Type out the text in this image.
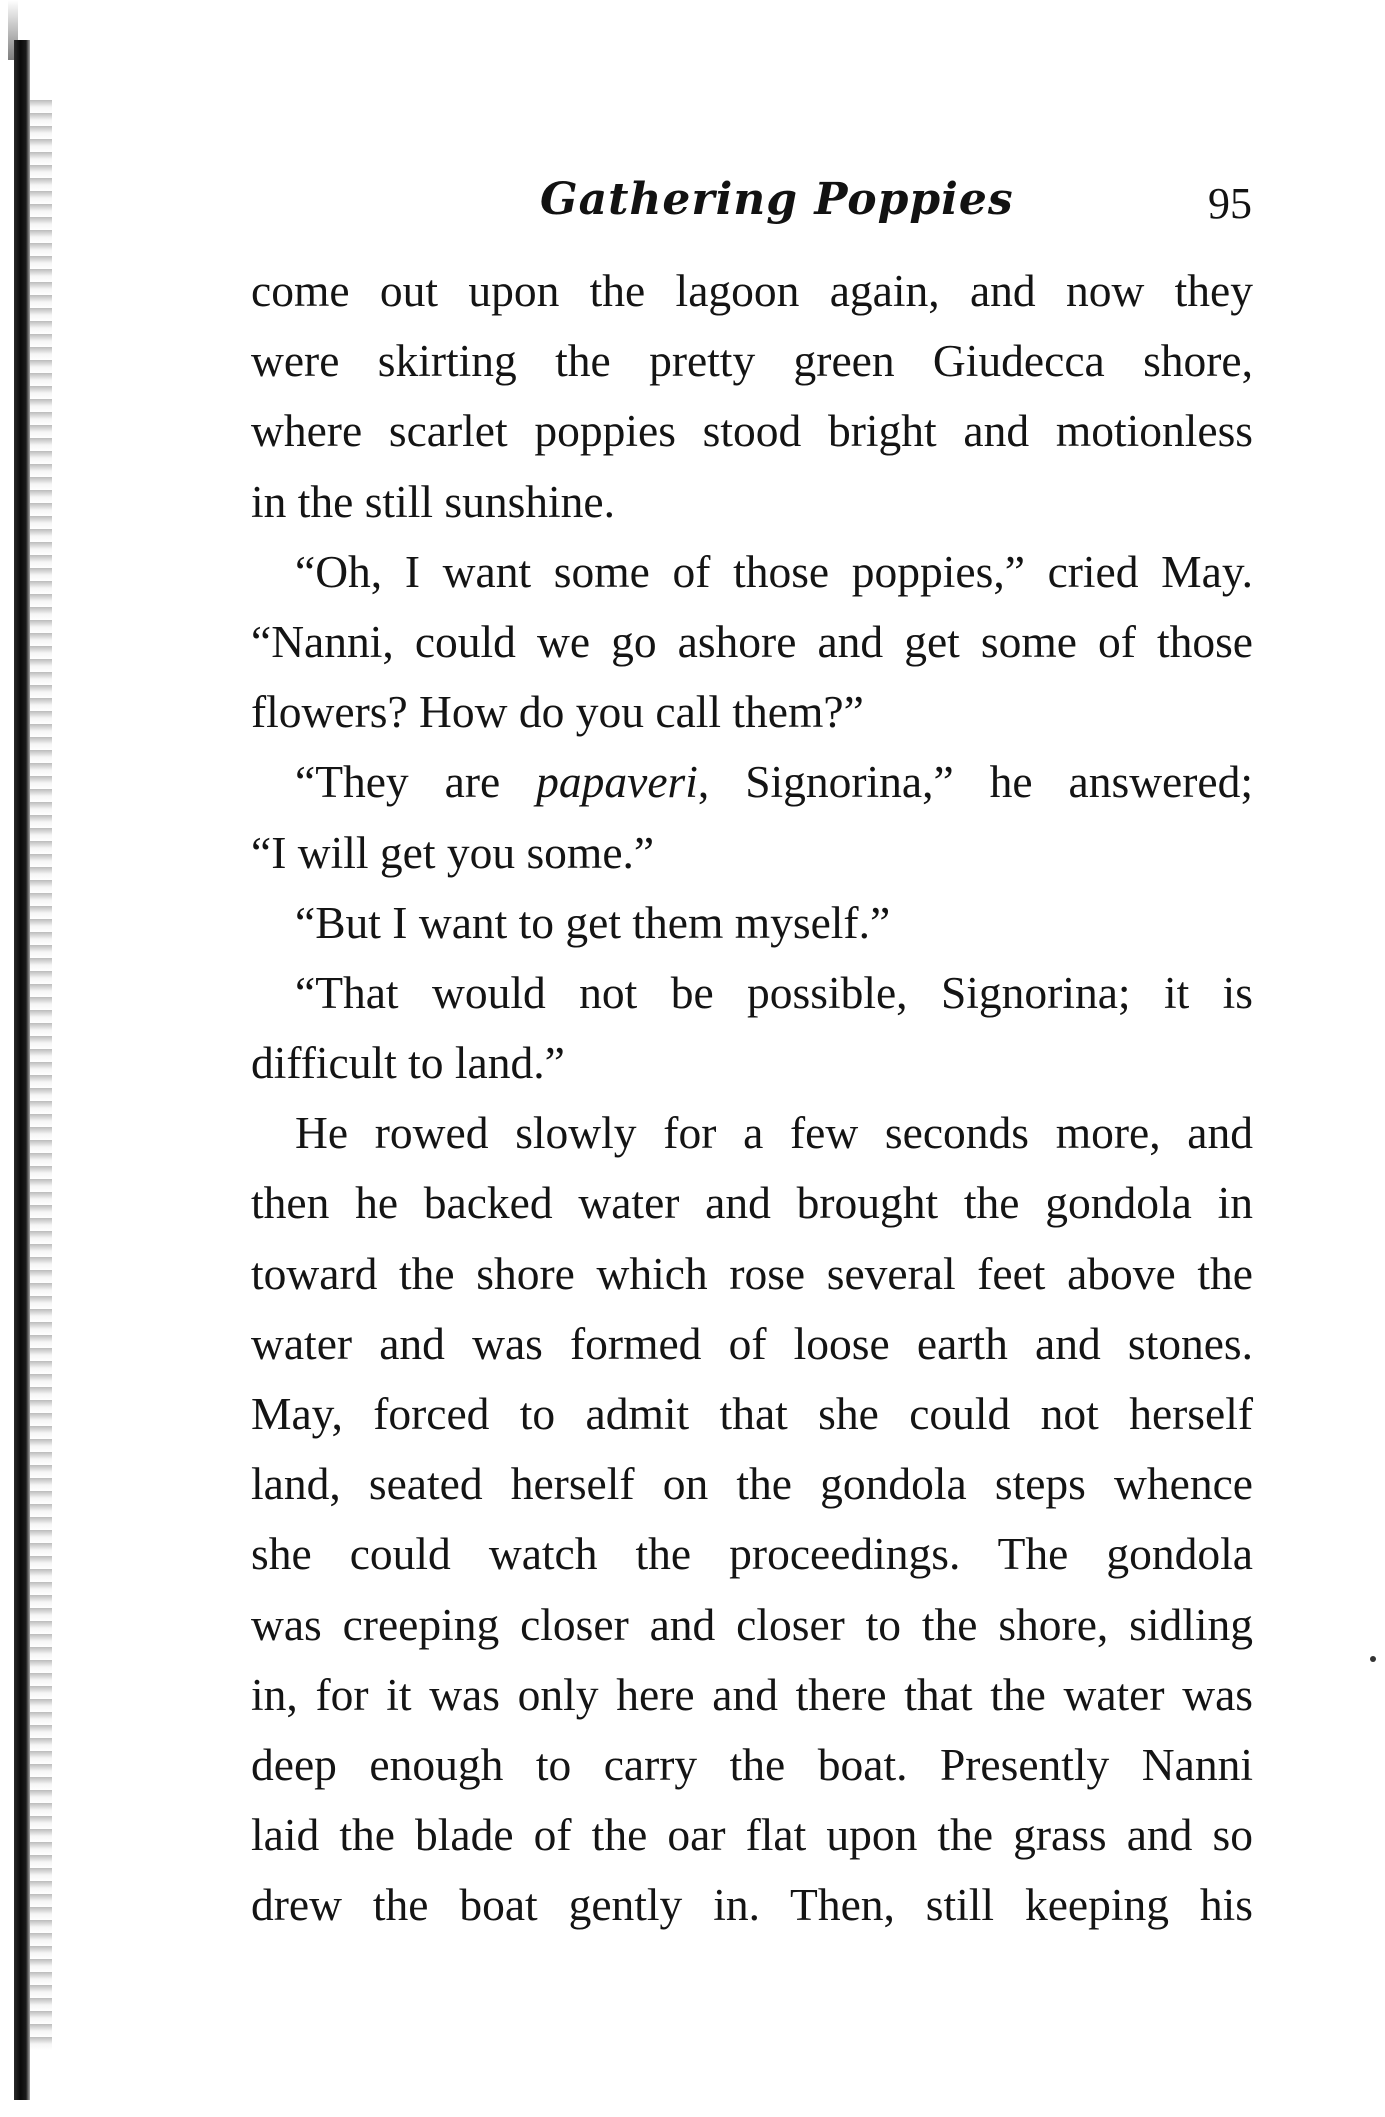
Gathering Poppies	95
come out upon the lagoon again, and now they
were skirting the pretty green Giudecca shore,
where scarlet poppies stood bright and motionless
in the still sunshine.
“Oh, I want some of those poppies,” cried May.
“Nanni, could we go ashore and get some of those
flowers? How do you call them?”
“They are papaveri, Signorina,” he answered;
“I will get you some.”
“But I want to get them myself.”
“That would not be possible, Signorina; it is
difficult to land.”
He rowed slowly for a few seconds more, and
then he backed water and brought the gondola in
toward the shore which rose several feet above the
water and was formed of loose earth and stones.
May, forced to admit that she could not herself
land, seated herself on the gondola steps whence
she could watch the proceedings. The gondola
was creeping closer and closer to the shore, sidling
in, for it was only here and there that the water was
deep enough to carry the boat. Presently Nanni
laid the blade of the oar flat upon the grass and so
drew the boat gently in. Then, still keeping his
